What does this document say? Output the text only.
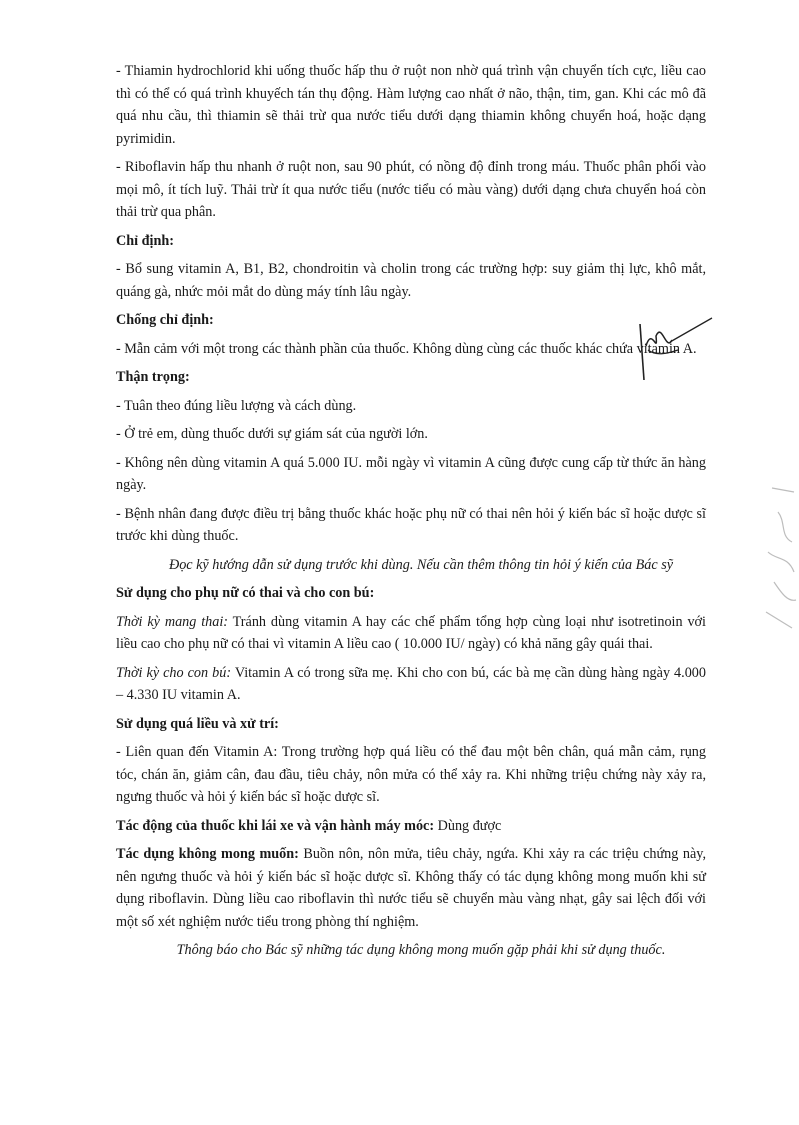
- Thiamin hydrochlorid khi uống thuốc hấp thu ở ruột non nhờ quá trình vận chuyển tích cực, liều cao thì có thể có quá trình khuyếch tán thụ động. Hàm lượng cao nhất ở não, thận, tim, gan. Khi các mô đã quá nhu cầu, thì thiamin sẽ thải trừ qua nước tiểu dưới dạng thiamin không chuyển hoá, hoặc dạng pyrimidin.

- Riboflavin hấp thu nhanh ở ruột non, sau 90 phút, có nồng độ đỉnh trong máu. Thuốc phân phối vào mọi mô, ít tích luỹ. Thải trừ ít qua nước tiểu (nước tiểu có màu vàng) dưới dạng chưa chuyển hoá còn thải trừ qua phân.

Chỉ định:

- Bổ sung vitamin A, B1, B2, chondroitin và cholin trong các trường hợp: suy giảm thị lực, khô mắt, quáng gà, nhức mỏi mắt do dùng máy tính lâu ngày.

Chống chỉ định:

- Mẫn cảm với một trong các thành phần của thuốc. Không dùng cùng các thuốc khác chứa vitamin A.

Thận trọng:

- Tuân theo đúng liều lượng và cách dùng.

- Ở trẻ em, dùng thuốc dưới sự giám sát của người lớn.

- Không nên dùng vitamin A quá 5.000 IU. mỗi ngày vì vitamin A cũng được cung cấp từ thức ăn hàng ngày.

- Bệnh nhân đang được điều trị bằng thuốc khác hoặc phụ nữ có thai nên hỏi ý kiến bác sĩ hoặc dược sĩ trước khi dùng thuốc.

Đọc kỹ hướng dẫn sử dụng trước khi dùng. Nếu cần thêm thông tin hỏi ý kiến của Bác sỹ

Sử dụng cho phụ nữ có thai và cho con bú:

Thời kỳ mang thai: Tránh dùng vitamin A hay các chế phẩm tổng hợp cùng loại như isotretinoin với liều cao cho phụ nữ có thai vì vitamin A liều cao ( 10.000 IU/ ngày) có khả năng gây quái thai.

Thời kỳ cho con bú: Vitamin A có trong sữa mẹ. Khi cho con bú, các bà mẹ cần dùng hàng ngày 4.000 – 4.330 IU vitamin A.

Sử dụng quá liều và xử trí:

- Liên quan đến Vitamin A: Trong trường hợp quá liều có thể đau một bên chân, quá mẫn cảm, rụng tóc, chán ăn, giảm cân, đau đầu, tiêu chảy, nôn mửa có thể xảy ra. Khi những triệu chứng này xảy ra, ngưng thuốc và hỏi ý kiến bác sĩ hoặc dược sĩ.

Tác động của thuốc khi lái xe và vận hành máy móc: Dùng được

Tác dụng không mong muốn: Buồn nôn, nôn mửa, tiêu chảy, ngứa. Khi xảy ra các triệu chứng này, nên ngưng thuốc và hỏi ý kiến bác sĩ hoặc dược sĩ. Không thấy có tác dụng không mong muốn khi sử dụng riboflavin. Dùng liều cao riboflavin thì nước tiểu sẽ chuyển màu vàng nhạt, gây sai lệch đối với một số xét nghiệm nước tiểu trong phòng thí nghiệm.

Thông báo cho Bác sỹ những tác dụng không mong muốn gặp phải khi sử dụng thuốc.
